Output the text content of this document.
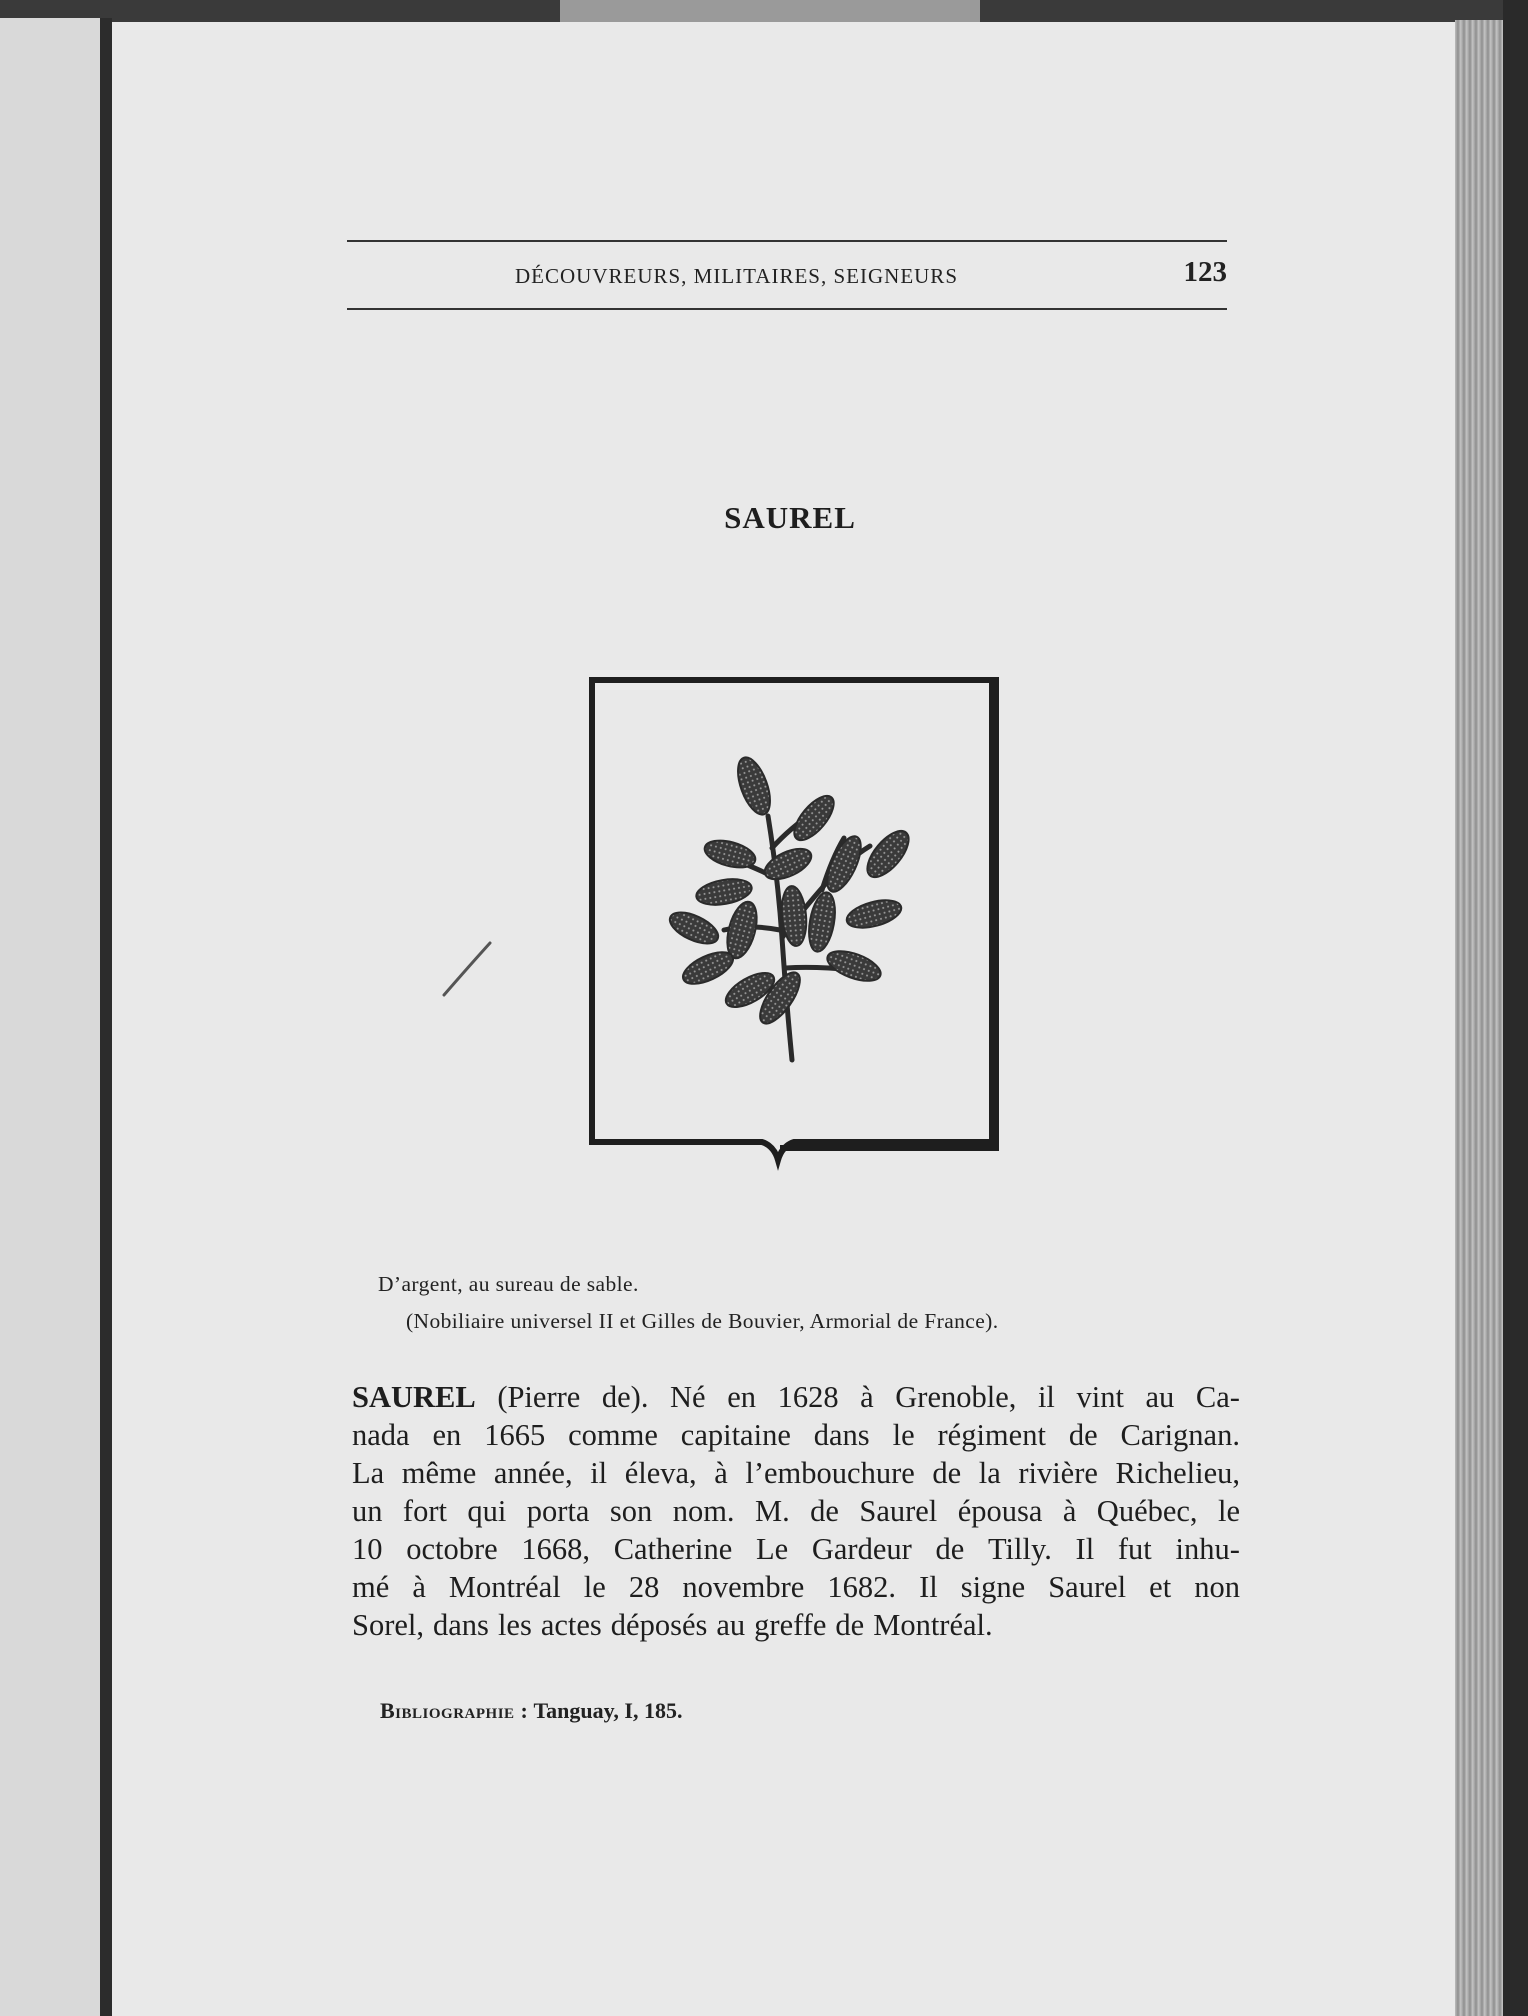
DÉCOUVREURS, MILITAIRES, SEIGNEURS	123
SAUREL
D’argent, au sureau de sable.
(Nobiliaire universel II et Gilles de Bouvier, Armorial de France).
SAUREL (Pierre de). Né en 1628 à Grenoble, il vint au Ca-
nada en 1665 comme capitaine dans le régiment de Carignan.
La même année, il éleva, à l’embouchure de la rivière Richelieu,
un fort qui porta son nom. M. de Saurel épousa à Québec, le
10 octobre 1668, Catherine Le Gardeur de Tilly. Il fut inhu-
mé à Montréal le 28 novembre 1682. Il signe Saurel et non
Sorel, dans les actes déposés au greffe de Montréal.
Bibliographie : Tanguay, I, 185.
